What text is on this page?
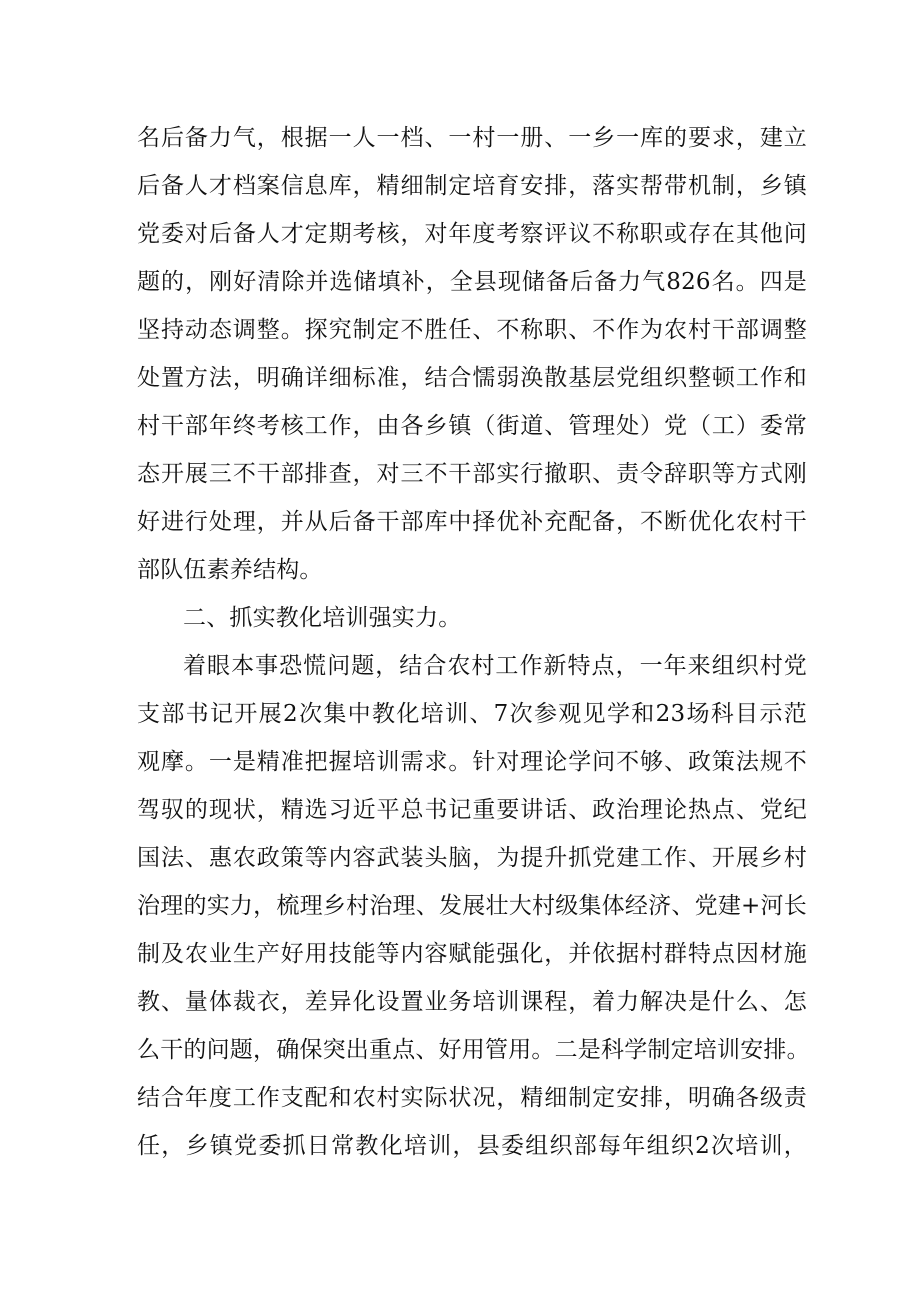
名后备力气，根据一人一档、一村一册、一乡一库的要求，建立
后备人才档案信息库，精细制定培育安排，落实帮带机制，乡镇
党委对后备人才定期考核，对年度考察评议不称职或存在其他问
题的，刚好清除并选储填补，全县现储备后备力气826名。四是
坚持动态调整。探究制定不胜任、不称职、不作为农村干部调整
处置方法，明确详细标准，结合懦弱涣散基层党组织整顿工作和
村干部年终考核工作，由各乡镇（街道、管理处）党（工）委常
态开展三不干部排查，对三不干部实行撤职、责令辞职等方式刚
好进行处理，并从后备干部库中择优补充配备，不断优化农村干
部队伍素养结构。
二、抓实教化培训强实力。
着眼本事恐慌问题，结合农村工作新特点，一年来组织村党
支部书记开展2次集中教化培训、7次参观见学和23场科目示范
观摩。一是精准把握培训需求。针对理论学问不够、政策法规不
驾驭的现状，精选习近平总书记重要讲话、政治理论热点、党纪
国法、惠农政策等内容武装头脑，为提升抓党建工作、开展乡村
治理的实力，梳理乡村治理、发展壮大村级集体经济、党建+河长
制及农业生产好用技能等内容赋能强化，并依据村群特点因材施
教、量体裁衣，差异化设置业务培训课程，着力解决是什么、怎
么干的问题，确保突出重点、好用管用。二是科学制定培训安排。
结合年度工作支配和农村实际状况，精细制定安排，明确各级责
任，乡镇党委抓日常教化培训，县委组织部每年组织2次培训，
